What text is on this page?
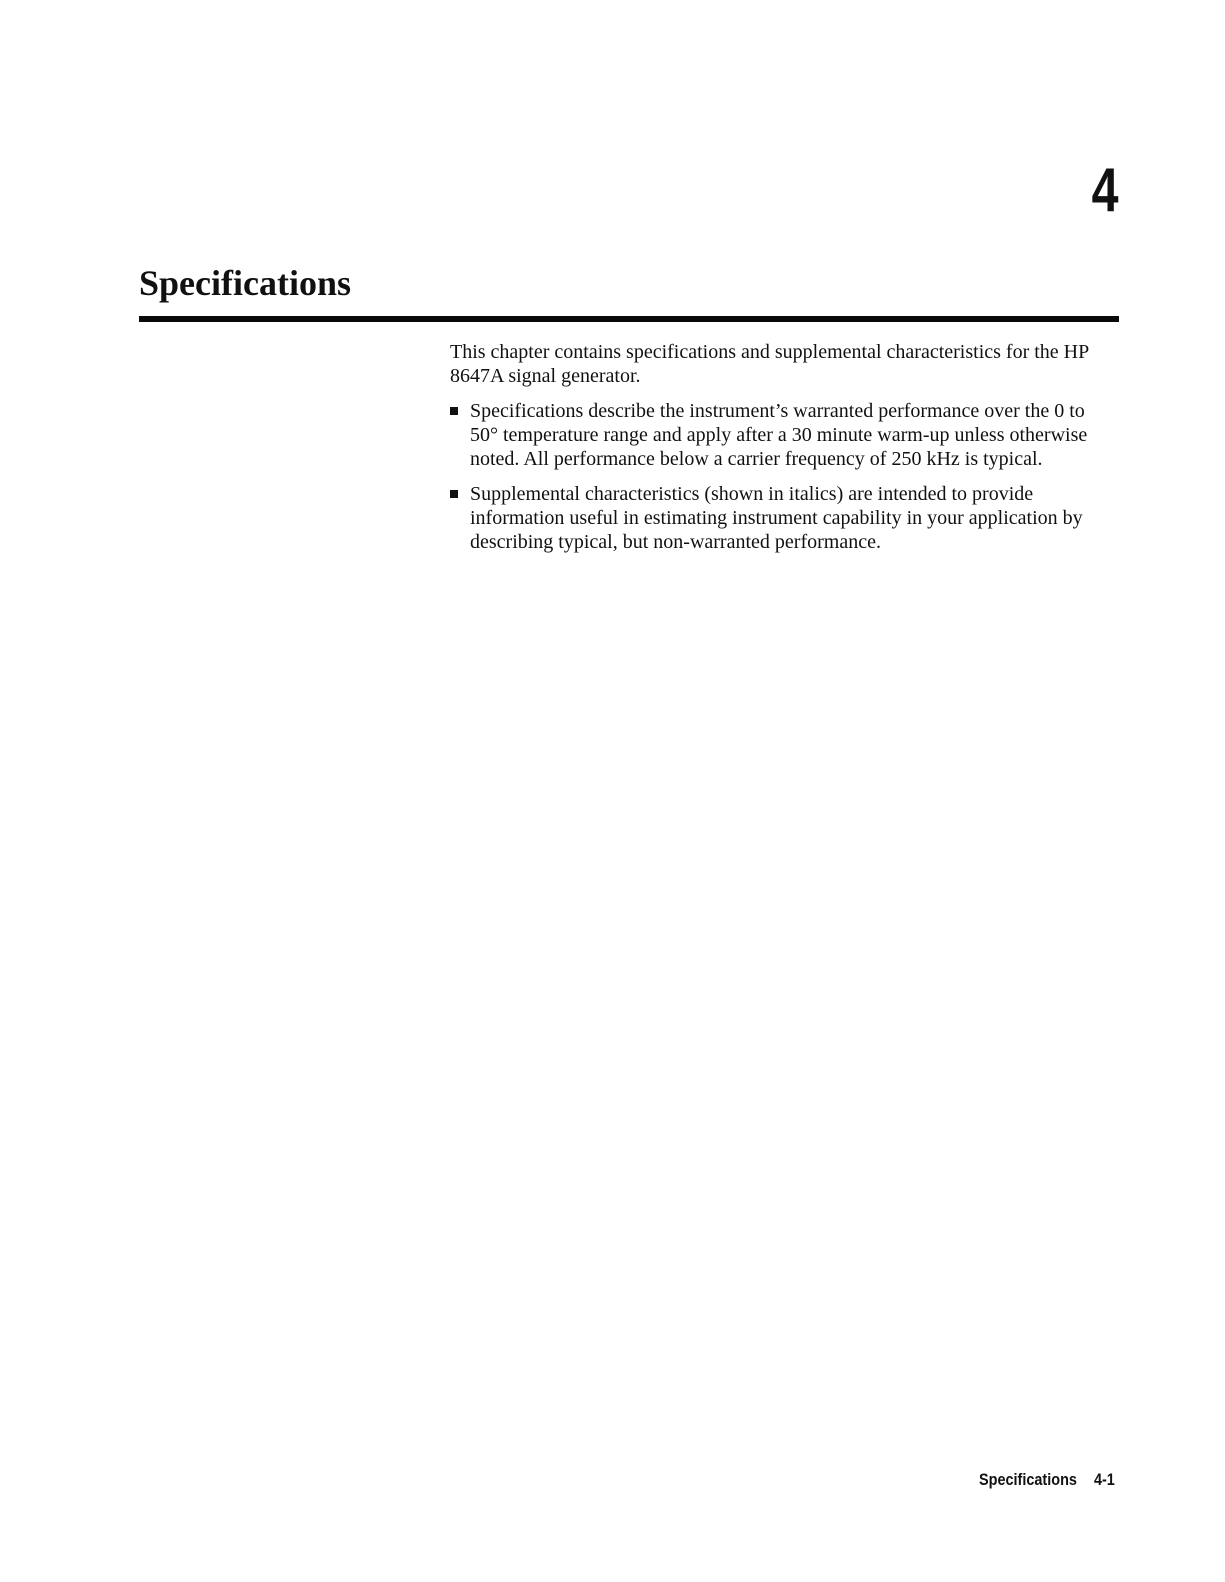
4
Specifications

This chapter contains specifications and supplemental characteristics for the HP 8647A signal generator.

Specifications describe the instrument’s warranted performance over the 0 to 50° temperature range and apply after a 30 minute warm-up unless otherwise noted. All performance below a carrier frequency of 250 kHz is typical.
Supplemental characteristics (shown in italics) are intended to provide information useful in estimating instrument capability in your application by describing typical, but non-warranted performance.
Specifications 4-1
